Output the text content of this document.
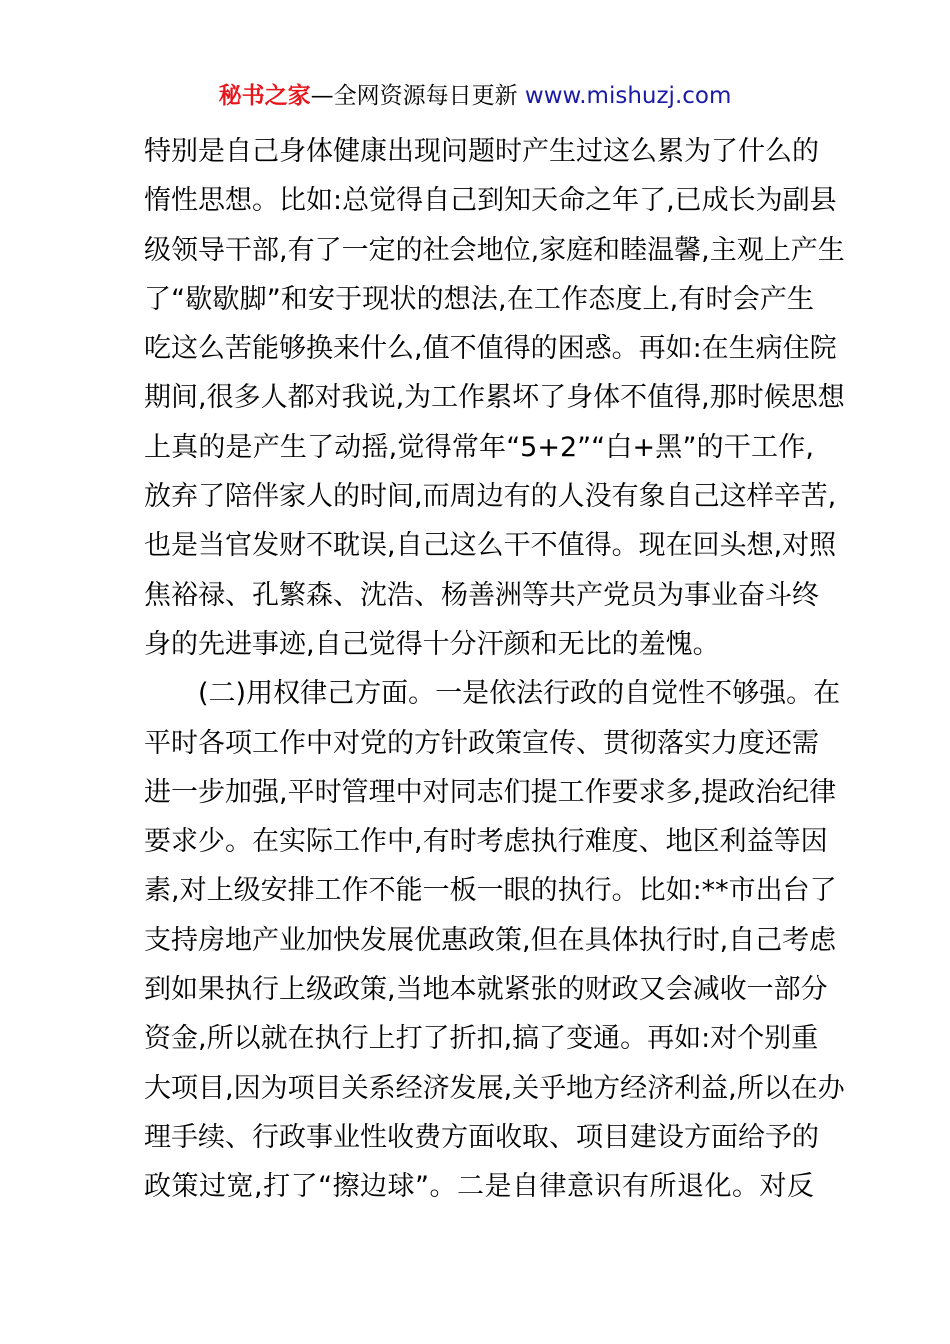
秘书之家—全网资源每日更新 www.mishuzj.com
特别是自己身体健康出现问题时产生过这么累为了什么的
惰性思想。比如:总觉得自己到知天命之年了,已成长为副县
级领导干部,有了一定的社会地位,家庭和睦温馨,主观上产生
了“歇歇脚”和安于现状的想法,在工作态度上,有时会产生
吃这么苦能够换来什么,值不值得的困惑。再如:在生病住院
期间,很多人都对我说,为工作累坏了身体不值得,那时候思想
上真的是产生了动摇,觉得常年“5+2”“白+黑”的干工作,
放弃了陪伴家人的时间,而周边有的人没有象自己这样辛苦,
也是当官发财不耽误,自己这么干不值得。现在回头想,对照
焦裕禄、孔繁森、沈浩、杨善洲等共产党员为事业奋斗终
身的先进事迹,自己觉得十分汗颜和无比的羞愧。
(二)用权律己方面。一是依法行政的自觉性不够强。在
平时各项工作中对党的方针政策宣传、贯彻落实力度还需
进一步加强,平时管理中对同志们提工作要求多,提政治纪律
要求少。在实际工作中,有时考虑执行难度、地区利益等因
素,对上级安排工作不能一板一眼的执行。比如:**市出台了
支持房地产业加快发展优惠政策,但在具体执行时,自己考虑
到如果执行上级政策,当地本就紧张的财政又会减收一部分
资金,所以就在执行上打了折扣,搞了变通。再如:对个别重
大项目,因为项目关系经济发展,关乎地方经济利益,所以在办
理手续、行政事业性收费方面收取、项目建设方面给予的
政策过宽,打了“擦边球”。二是自律意识有所退化。对反
